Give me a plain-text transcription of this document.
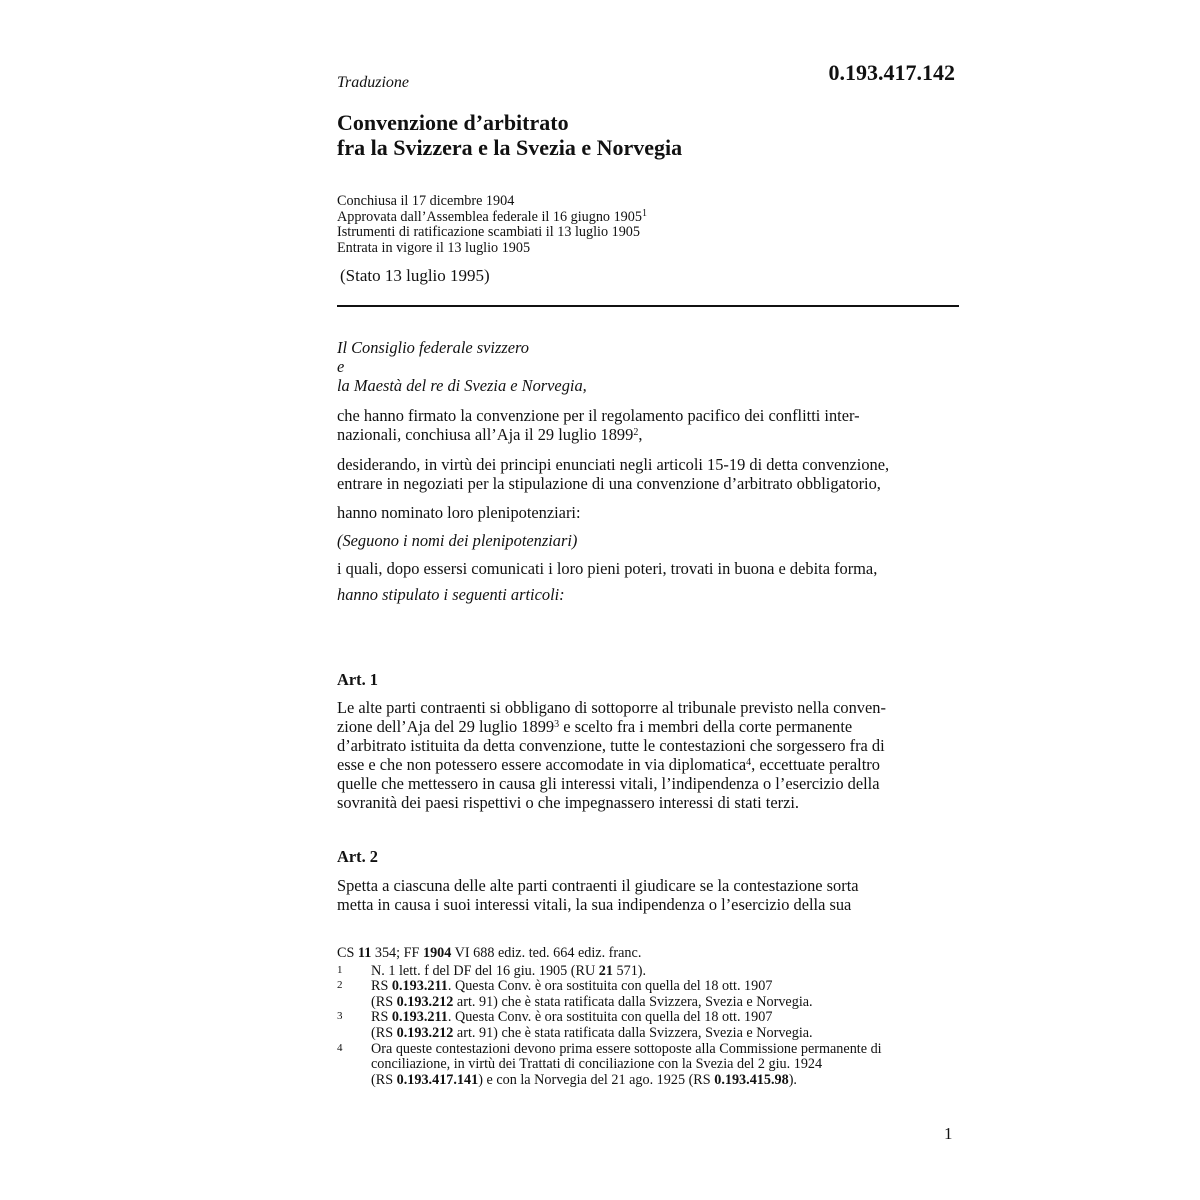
0.193.417.142
Traduzione
Convenzione d’arbitrato
fra la Svizzera e la Svezia e Norvegia
Conchiusa il 17 dicembre 1904
Approvata dall’Assemblea federale il 16 giugno 1905$^1$
Istrumenti di ratificazione scambiati il 13 luglio 1905
Entrata in vigore il 13 luglio 1905
(Stato 13 luglio 1995)
Il Consiglio federale svizzero
e
la Maestà del re di Svezia e Norvegia,
che hanno firmato la convenzione per il regolamento pacifico dei conflitti inter-
nazionali, conchiusa all’Aja il 29 luglio 1899$^2$,
desiderando, in virtù dei principi enunciati negli articoli 15-19 di detta convenzione,
entrare in negoziati per la stipulazione di una convenzione d’arbitrato obbligatorio,
hanno nominato loro plenipotenziari:
(Seguono i nomi dei plenipotenziari)
i quali, dopo essersi comunicati i loro pieni poteri, trovati in buona e debita forma,
hanno stipulato i seguenti articoli:
Art. 1
Le alte parti contraenti si obbligano di sottoporre al tribunale previsto nella conven-
zione dell’Aja del 29 luglio 1899$^3$ e scelto fra i membri della corte permanente
d’arbitrato istituita da detta convenzione, tutte le contestazioni che sorgessero fra di
esse e che non potessero essere accomodate in via diplomatica$^4$, eccettuate peraltro
quelle che mettessero in causa gli interessi vitali, l’indipendenza o l’esercizio della
sovranità dei paesi rispettivi o che impegnassero interessi di stati terzi.
Art. 2
Spetta a ciascuna delle alte parti contraenti il giudicare se la contestazione sorta
metta in causa i suoi interessi vitali, la sua indipendenza o l’esercizio della sua
CS 11 354; FF 1904 VI 688 ediz. ted. 664 ediz. franc.
1	N. 1 lett. f del DF del 16 giu. 1905 (RU 21 571).
2	RS 0.193.211. Questa Conv. è ora sostituita con quella del 18 ott. 1907
(RS 0.193.212 art. 91) che è stata ratificata dalla Svizzera, Svezia e Norvegia.
3	RS 0.193.211. Questa Conv. è ora sostituita con quella del 18 ott. 1907
(RS 0.193.212 art. 91) che è stata ratificata dalla Svizzera, Svezia e Norvegia.
4	Ora queste contestazioni devono prima essere sottoposte alla Commissione permanente di
conciliazione, in virtù dei Trattati di conciliazione con la Svezia del 2 giu. 1924
(RS 0.193.417.141) e con la Norvegia del 21 ago. 1925 (RS 0.193.415.98).
1
